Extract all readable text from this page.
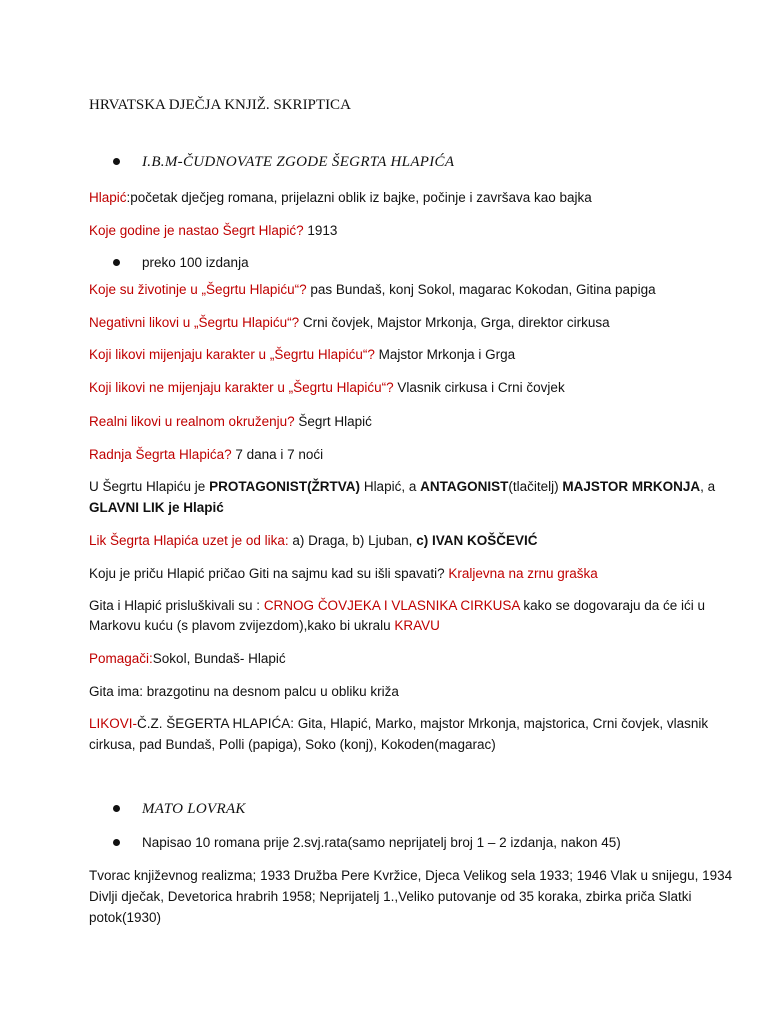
HRVATSKA DJEČJA KNJIŽ. SKRIPTICA
I.B.M-ČUDNOVATE ZGODE ŠEGRTA HLAPIĆA
Hlapić:početak dječjeg romana, prijelazni oblik iz bajke, počinje i završava kao bajka
Koje godine je nastao Šegrt Hlapić? 1913
preko 100 izdanja
Koje su životinje u „Šegrtu Hlapiću“? pas Bundaš, konj Sokol, magarac Kokodan, Gitina papiga
Negativni likovi u „Šegrtu Hlapiću“? Crni čovjek, Majstor Mrkonja, Grga, direktor cirkusa
Koji likovi mijenjaju karakter u „Šegrtu Hlapiću“? Majstor Mrkonja i Grga
Koji likovi ne mijenjaju karakter u „Šegrtu Hlapiću“? Vlasnik cirkusa i Crni čovjek
Realni likovi u realnom okruženju? Šegrt Hlapić
Radnja Šegrta Hlapića? 7 dana i 7 noći
U Šegrtu Hlapiću je PROTAGONIST(ŽRTVA) Hlapić, a ANTAGONIST(tlačitelj) MAJSTOR MRKONJA, a
GLAVNI LIK je Hlapić
Lik Šegrta Hlapića uzet je od lika: a) Draga, b) Ljuban, c) IVAN KOŠČEVIĆ
Koju je priču Hlapić pričao Giti na sajmu kad su išli spavati? Kraljevna na zrnu graška
Gita i Hlapić prisluškivali su : CRNOG ČOVJEKA I VLASNIKA CIRKUSA kako se dogovaraju da će ići u
Markovu kuću (s plavom zvijezdom),kako bi ukralu KRAVU
Pomagači:Sokol, Bundaš- Hlapić
Gita ima: brazgotinu na desnom palcu u obliku križa
LIKOVI-Č.Z. ŠEGERTA HLAPIĆA: Gita, Hlapić, Marko, majstor Mrkonja, majstorica, Crni čovjek, vlasnik
cirkusa, pad Bundaš, Polli (papiga), Soko (konj), Kokoden(magarac)
MATO LOVRAK
Napisao 10 romana prije 2.svj.rata(samo neprijatelj broj 1 – 2 izdanja, nakon 45)
Tvorac književnog realizma; 1933 Družba Pere Kvržice, Djeca Velikog sela 1933; 1946 Vlak u snijegu, 1934
Divlji dječak, Devetorica hrabrih 1958; Neprijatelj 1.,Veliko putovanje od 35 koraka, zbirka priča Slatki
potok(1930)
